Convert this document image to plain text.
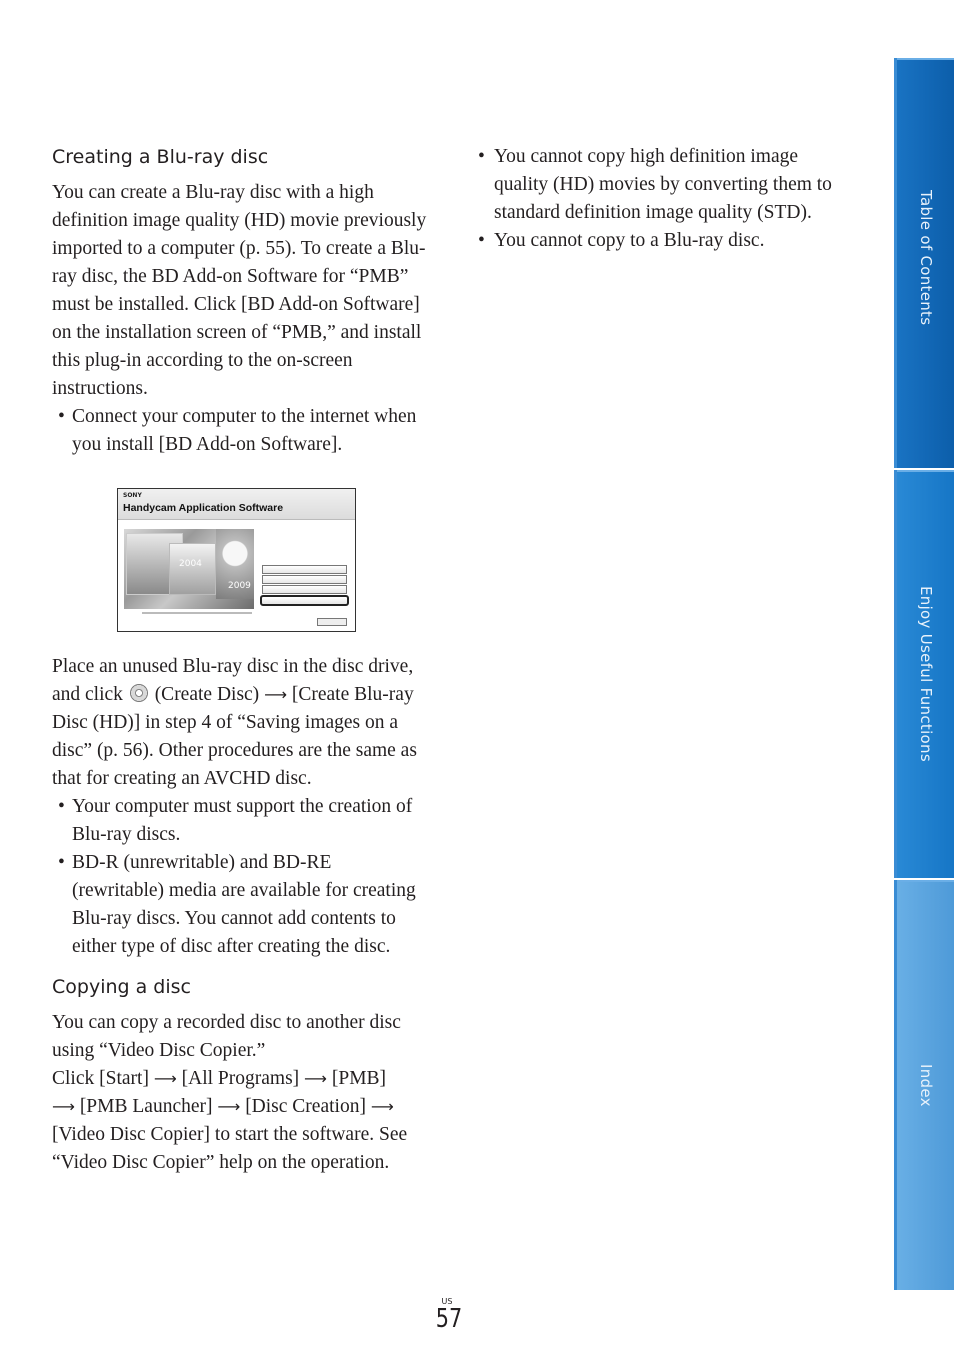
Creating a Blu-ray disc

You can create a Blu-ray disc with a high definition image quality (HD) movie previously imported to a computer (p. 55). To create a Blu-ray disc, the BD Add-on Software for “PMB” must be installed. Click [BD Add-on Software] on the installation screen of “PMB,” and install this plug-in according to the on-screen instructions.

• Connect your computer to the internet when you install [BD Add-on Software].
SONY
Handycam Application Software
2004
2009

Place an unused Blu-ray disc in the disc drive, and click  (Create Disc) ⟶ [Create Blu-ray Disc (HD)] in step 4 of “Saving images on a disc” (p. 56). Other procedures are the same as that for creating an AVCHD disc.

• Your computer must support the creation of Blu-ray discs.
• BD-R (unrewritable) and BD-RE (rewritable) media are available for creating Blu-ray discs. You cannot add contents to either type of disc after creating the disc.
Copying a disc

You can copy a recorded disc to another disc using “Video Disc Copier.”

Click [Start] ⟶ [All Programs] ⟶ [PMB]
⟶ [PMB Launcher] ⟶ [Disc Creation] ⟶ [Video Disc Copier] to start the software. See “Video Disc Copier” help on the operation.

• You cannot copy high definition image quality (HD) movies by converting them to standard definition image quality (STD).
• You cannot copy to a Blu-ray disc.	Table of Contents
Enjoy Useful Functions
Index
US
57
